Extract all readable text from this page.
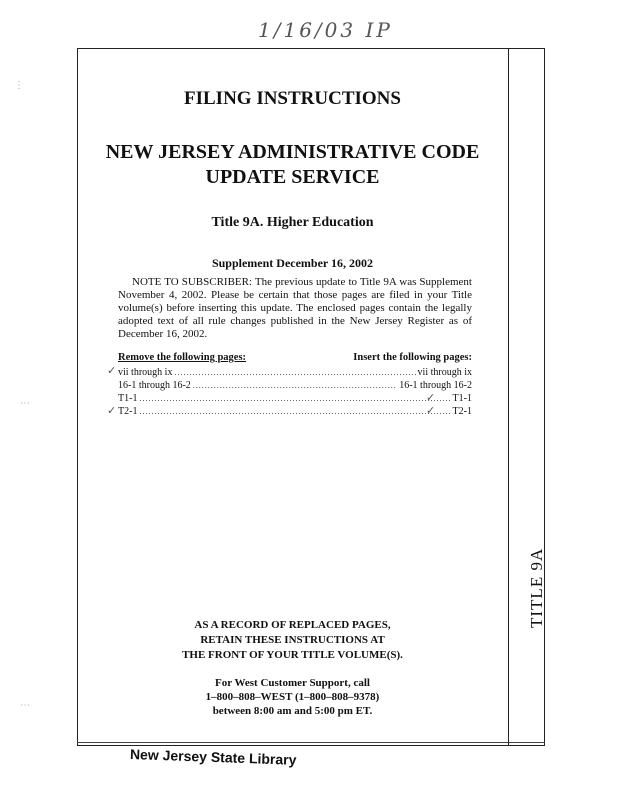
1/16/03 IP
TITLE 9A
FILING INSTRUCTIONS
NEW JERSEY ADMINISTRATIVE CODE
UPDATE SERVICE
Title 9A. Higher Education
Supplement December 16, 2002
NOTE TO SUBSCRIBER: The previous update to Title 9A was Supplement November 4, 2002. Please be certain that those pages are filed in your Title volume(s) before inserting this update. The enclosed pages contain the legally adopted text of all rule changes published in the New Jersey Register as of December 16, 2002.
Remove the following pages:	Insert the following pages:
vii through ix .....	vii through ix
16-1 through 16-2 .....	16-1 through 16-2
T1-1 .....	T1-1
T2-1 .....	T2-1
✓
✓
✓
✓
AS A RECORD OF REPLACED PAGES,
RETAIN THESE INSTRUCTIONS AT
THE FRONT OF YOUR TITLE VOLUME(S).
For West Customer Support, call
1–800–808–WEST (1–800–808–9378)
between 8:00 am and 5:00 pm ET.
New Jersey State Library
⋮
⋯
⋯
